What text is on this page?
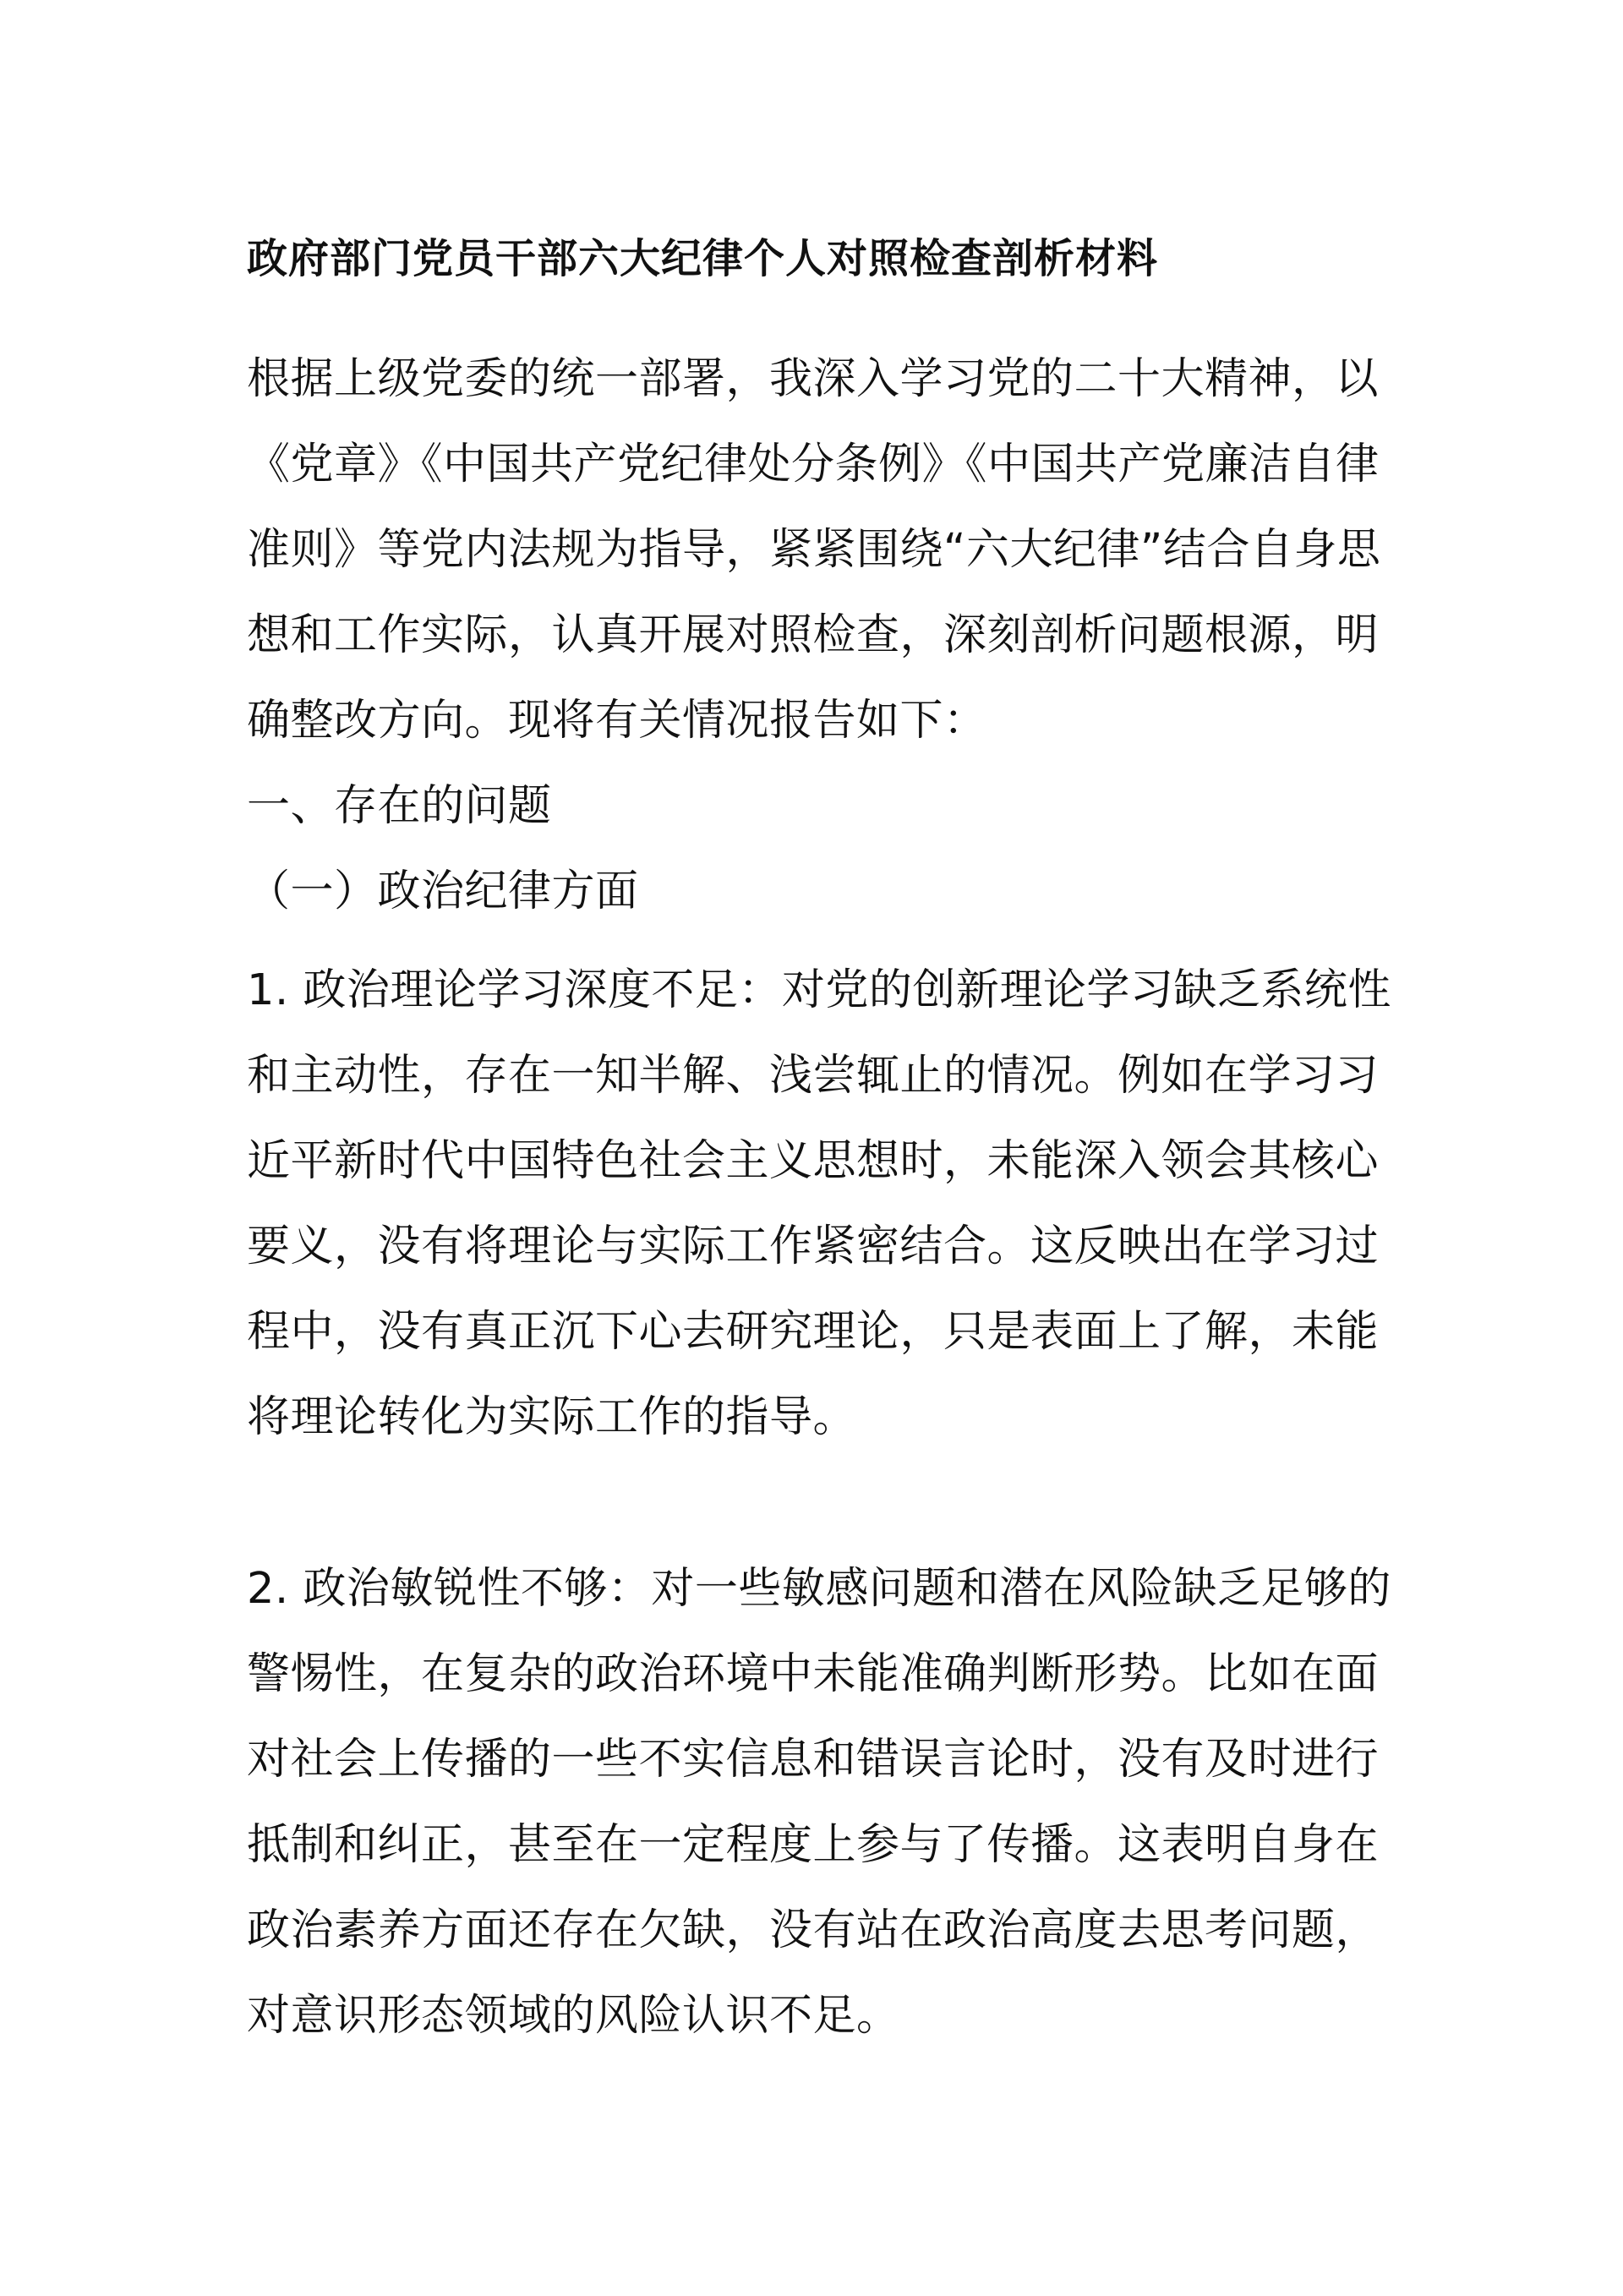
政府部门党员干部六大纪律个人对照检查剖析材料

根据上级党委的统一部署，我深入学习党的二十大精神，以《党章》《中国共产党纪律处分条例》《中国共产党廉洁自律准则》等党内法规为指导，紧紧围绕“六大纪律”结合自身思想和工作实际，认真开展对照检查，深刻剖析问题根源，明确整改方向。现将有关情况报告如下：

一、存在的问题

（一）政治纪律方面

1. 政治理论学习深度不足：对党的创新理论学习缺乏系统性和主动性，存在一知半解、浅尝辄止的情况。例如在学习习近平新时代中国特色社会主义思想时，未能深入领会其核心要义，没有将理论与实际工作紧密结合。这反映出在学习过程中，没有真正沉下心去研究理论，只是表面上了解，未能将理论转化为实际工作的指导。

2. 政治敏锐性不够：对一些敏感问题和潜在风险缺乏足够的警惕性，在复杂的政治环境中未能准确判断形势。比如在面对社会上传播的一些不实信息和错误言论时，没有及时进行抵制和纠正，甚至在一定程度上参与了传播。这表明自身在政治素养方面还存在欠缺，没有站在政治高度去思考问题，对意识形态领域的风险认识不足。
